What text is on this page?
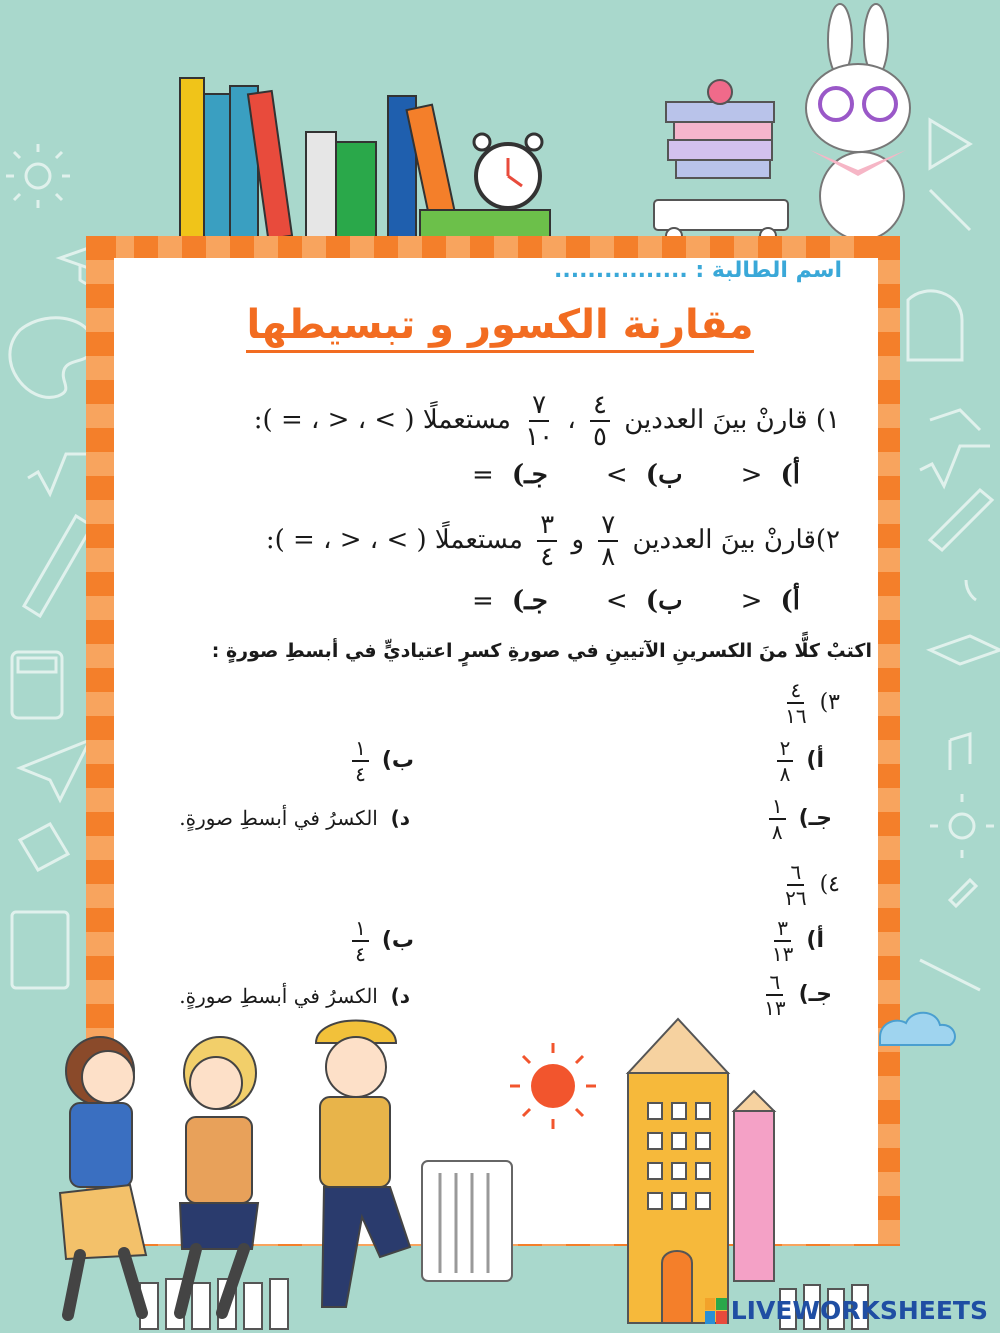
اسم الطالبة : ................
مقارنة الكسور و تبسيطها
١) قارنْ بينَ العددين
$\frac{٤}{٥}$
،
$\frac{٧}{١٠}$
مستعملًا ( > ، < ، = ):
أ)  <
ب)  >
جـ)  =
٢)قارنْ بينَ العددين
$\frac{٧}{٨}$
و
$\frac{٣}{٤}$
مستعملًا ( > ، < ، = ):
أ)  <
ب)  >
جـ)  =
اكتبْ كلًّا منَ الكسرينِ الآتيينِ في صورةِ كسرٍ اعتياديٍّ في أبسطِ صورةٍ :
٣)
$\frac{٤}{١٦}$
أ)
$\frac{٢}{٨}$
ب)
$\frac{١}{٤}$
جـ)
$\frac{١}{٨}$
د)  الكسرُ في أبسطِ صورةٍ.
٤)
$\frac{٦}{٢٦}$
أ)
$\frac{٣}{١٣}$
ب)
$\frac{١}{٤}$
جـ)
$\frac{٦}{١٣}$
د)  الكسرُ في أبسطِ صورةٍ.
LIVEWORKSHEETS
